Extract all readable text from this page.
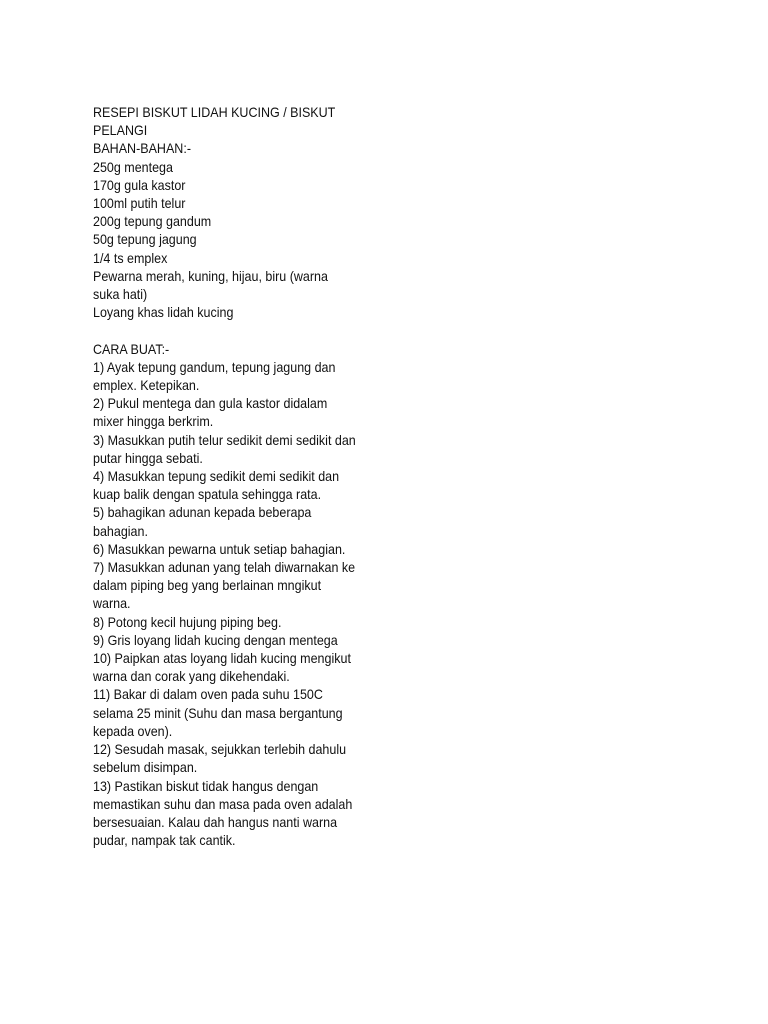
RESEPI BISKUT LIDAH KUCING / BISKUT

PELANGI

BAHAN-BAHAN:-

250g mentega

170g gula kastor

100ml putih telur

200g tepung gandum

50g tepung jagung

1/4 ts emplex

Pewarna merah, kuning, hijau, biru (warna

suka hati)

Loyang khas lidah kucing

CARA BUAT:-

1) Ayak tepung gandum, tepung jagung dan

emplex. Ketepikan.

2) Pukul mentega dan gula kastor didalam

mixer hingga berkrim.

3) Masukkan putih telur sedikit demi sedikit dan

putar hingga sebati.

4) Masukkan tepung sedikit demi sedikit dan

kuap balik dengan spatula sehingga rata.

5) bahagikan adunan kepada beberapa

bahagian.

6) Masukkan pewarna untuk setiap bahagian.

7) Masukkan adunan yang telah diwarnakan ke

dalam piping beg yang berlainan mngikut

warna.

8) Potong kecil hujung piping beg.

9) Gris loyang lidah kucing dengan mentega

10) Paipkan atas loyang lidah kucing mengikut

warna dan corak yang dikehendaki.

11) Bakar di dalam oven pada suhu 150C

selama 25 minit (Suhu dan masa bergantung

kepada oven).

12) Sesudah masak, sejukkan terlebih dahulu

sebelum disimpan.

13) Pastikan biskut tidak hangus dengan

memastikan suhu dan masa pada oven adalah

bersesuaian. Kalau dah hangus nanti warna

pudar, nampak tak cantik.
